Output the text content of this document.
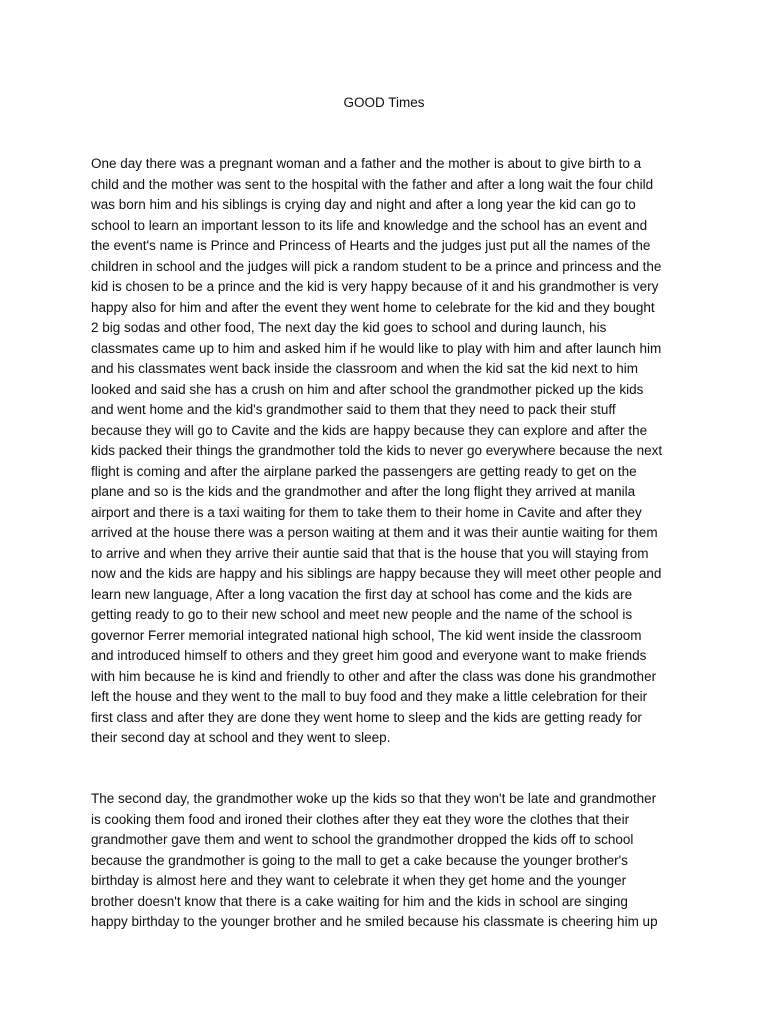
GOOD Times

One day there was a pregnant woman and a father and the mother is about to give birth to a
child and the mother was sent to the hospital with the father and after a long wait the four child
was born him and his siblings is crying day and night and after a long year the kid can go to
school to learn an important lesson to its life and knowledge and the school has an event and
the event's name is Prince and Princess of Hearts and the judges just put all the names of the
children in school and the judges will pick a random student to be a prince and princess and the
kid is chosen to be a prince and the kid is very happy because of it and his grandmother is very
happy also for him and after the event they went home to celebrate for the kid and they bought
2 big sodas and other food, The next day the kid goes to school and during launch, his
classmates came up to him and asked him if he would like to play with him and after launch him
and his classmates went back inside the classroom and when the kid sat the kid next to him
looked and said she has a crush on him and after school the grandmother picked up the kids
and went home and the kid's grandmother said to them that they need to pack their stuff
because they will go to Cavite and the kids are happy because they can explore and after the
kids packed their things the grandmother told the kids to never go everywhere because the next
flight is coming and after the airplane parked the passengers are getting ready to get on the
plane and so is the kids and the grandmother and after the long flight they arrived at manila
airport and there is a taxi waiting for them to take them to their home in Cavite and after they
arrived at the house there was a person waiting at them and it was their auntie waiting for them
to arrive and when they arrive their auntie said that that is the house that you will staying from
now and the kids are happy and his siblings are happy because they will meet other people and
learn new language, After a long vacation the first day at school has come and the kids are
getting ready to go to their new school and meet new people and the name of the school is
governor Ferrer memorial integrated national high school, The kid went inside the classroom
and introduced himself to others and they greet him good and everyone want to make friends
with him because he is kind and friendly to other and after the class was done his grandmother
left the house and they went to the mall to buy food and they make a little celebration for their
first class and after they are done they went home to sleep and the kids are getting ready for
their second day at school and they went to sleep.

The second day, the grandmother woke up the kids so that they won't be late and grandmother
is cooking them food and ironed their clothes after they eat they wore the clothes that their
grandmother gave them and went to school the grandmother dropped the kids off to school
because the grandmother is going to the mall to get a cake because the younger brother's
birthday is almost here and they want to celebrate it when they get home and the younger
brother doesn't know that there is a cake waiting for him and the kids in school are singing
happy birthday to the younger brother and he smiled because his classmate is cheering him up
